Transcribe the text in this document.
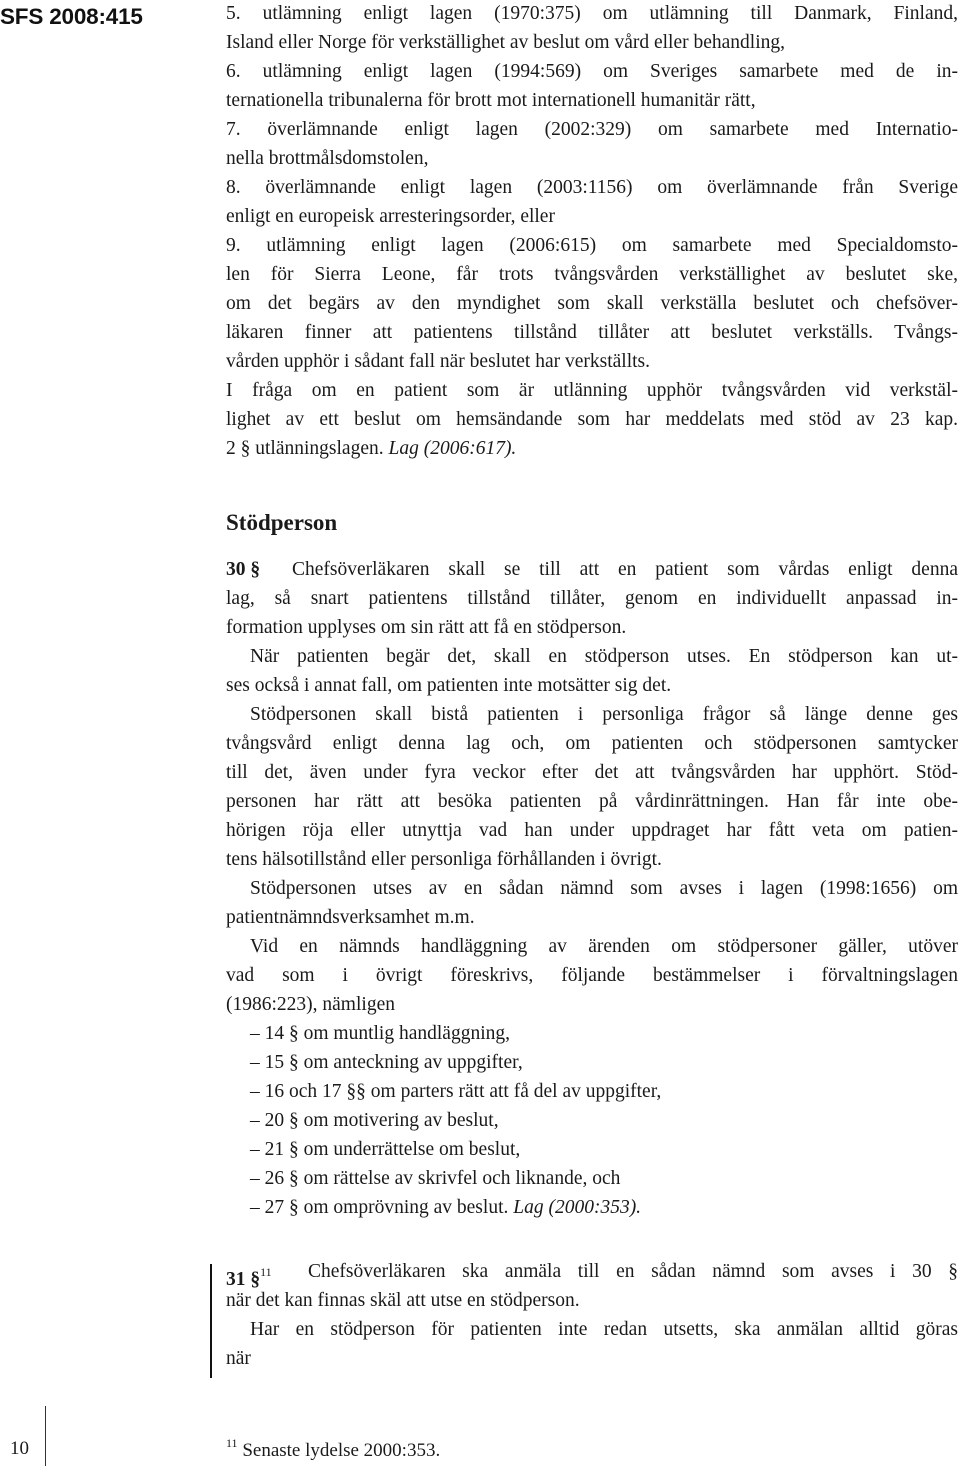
SFS 2008:415	5. utlämning enligt lagen (1970:375) om utlämning till Danmark, Finland,
Island eller Norge för verkställighet av beslut om vård eller behandling,
6. utlämning enligt lagen (1994:569) om Sveriges samarbete med de in-
ternationella tribunalerna för brott mot internationell humanitär rätt,
7. överlämnande enligt lagen (2002:329) om samarbete med Internatio-
nella brottmålsdomstolen,
8. överlämnande enligt lagen (2003:1156) om överlämnande från Sverige
enligt en europeisk arresteringsorder, eller
9. utlämning enligt lagen (2006:615) om samarbete med Specialdomsto-
len för Sierra Leone, får trots tvångsvården verkställighet av beslutet ske,
om det begärs av den myndighet som skall verkställa beslutet och chefsöver-
läkaren finner att patientens tillstånd tillåter att beslutet verkställs. Tvångs-
vården upphör i sådant fall när beslutet har verkställts.
I fråga om en patient som är utlänning upphör tvångsvården vid verkstäl-
lighet av ett beslut om hemsändande som har meddelats med stöd av 23 kap.
2 § utlänningslagen. Lag (2006:617).
Stödperson
30 § Chefsöverläkaren skall se till att en patient som vårdas enligt denna
lag, så snart patientens tillstånd tillåter, genom en individuellt anpassad in-
formation upplyses om sin rätt att få en stödperson.
När patienten begär det, skall en stödperson utses. En stödperson kan ut-
ses också i annat fall, om patienten inte motsätter sig det.
Stödpersonen skall bistå patienten i personliga frågor så länge denne ges
tvångsvård enligt denna lag och, om patienten och stödpersonen samtycker
till det, även under fyra veckor efter det att tvångsvården har upphört. Stöd-
personen har rätt att besöka patienten på vårdinrättningen. Han får inte obe-
hörigen röja eller utnyttja vad han under uppdraget har fått veta om patien-
tens hälsotillstånd eller personliga förhållanden i övrigt.
Stödpersonen utses av en sådan nämnd som avses i lagen (1998:1656) om
patientnämndsverksamhet m.m.
Vid en nämnds handläggning av ärenden om stödpersoner gäller, utöver
vad som i övrigt föreskrivs, följande bestämmelser i förvaltningslagen
(1986:223), nämligen
– 14 § om muntlig handläggning,
– 15 § om anteckning av uppgifter,
– 16 och 17 §§ om parters rätt att få del av uppgifter,
– 20 § om motivering av beslut,
– 21 § om underrättelse om beslut,
– 26 § om rättelse av skrivfel och liknande, och
– 27 § om omprövning av beslut. Lag (2000:353).
31 §$^{11}$ Chefsöverläkaren ska anmäla till en sådan nämnd som avses i 30 §
när det kan finnas skäl att utse en stödperson.
Har en stödperson för patienten inte redan utsetts, ska anmälan alltid göras
när
10	$^{11}$ Senaste lydelse 2000:353.
